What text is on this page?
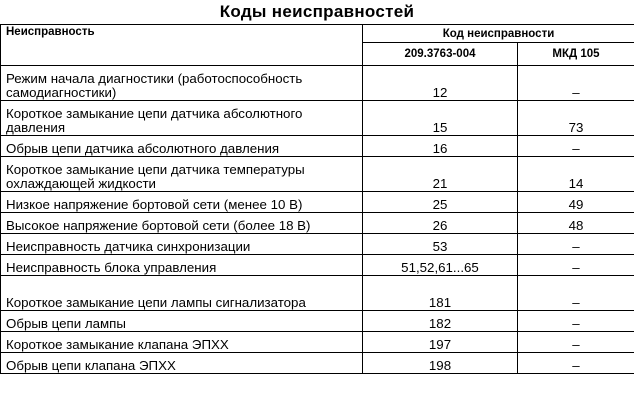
Коды неисправностей
Неисправность	Код неисправности	
	209.3763-004	МКД 105
Режим начала диагностики (работоспособность самодиагностики)	12	–
Короткое замыкание цепи датчика абсолютного давления	15	73
Обрыв цепи датчика абсолютного давления	16	–
Короткое замыкание цепи датчика температуры охлаждающей жидкости	21	14
Низкое напряжение бортовой сети (менее 10 В)	25	49
Высокое напряжение бортовой сети (более 18 В)	26	48
Неисправность датчика синхронизации	53	–
Неисправность блока управления	51,52,61...65	–
Короткое замыкание цепи лампы сигнализатора	181	–
Обрыв цепи лампы	182	–
Короткое замыкание клапана ЭПХХ	197	–
Обрыв цепи клапана ЭПХХ	198	–
